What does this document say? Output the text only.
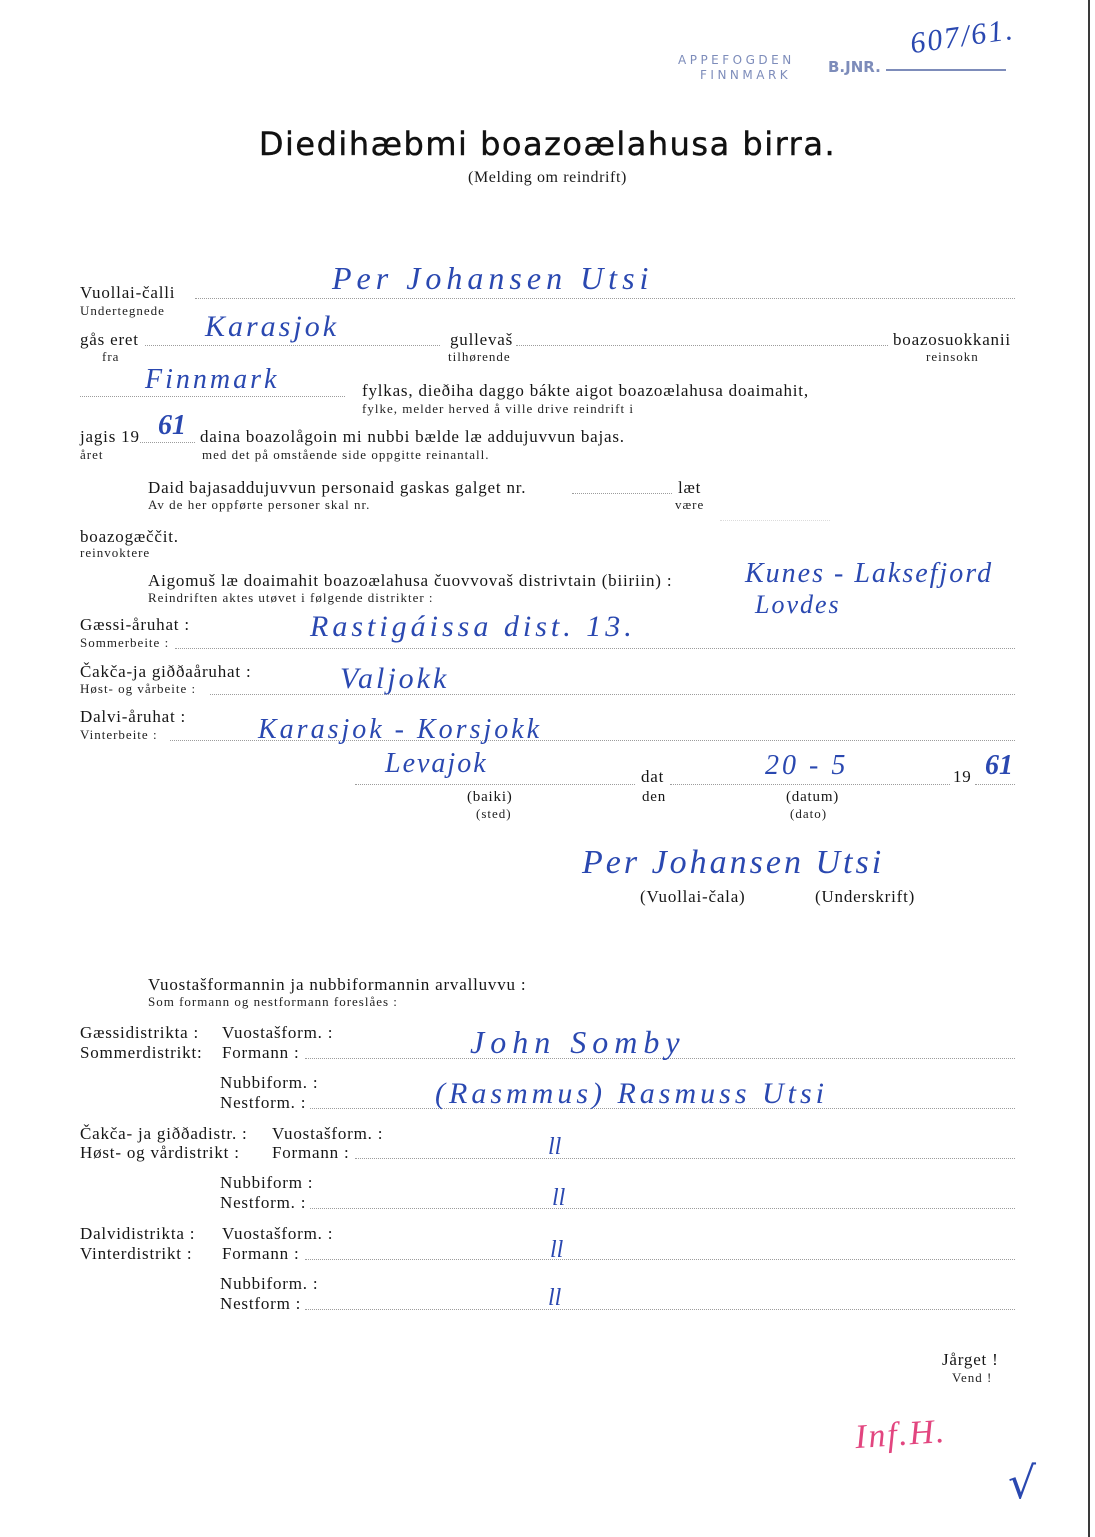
APPEFOGDEN
FINNMARK B.JNR.
607/61.
Diedihæbmi boazoælahusa birra.
(Melding om reindrift)
Vuollai-čalli
Undertegnede
Per Johansen Utsi
gås eret
fra
Karasjok	gullevaš
tilhørende
boazosuokkanii
reinsokn
Finnmark	fylkas, dieðiha daggo bákte aigot boazoælahusa doaimahit,
fylke, melder herved å ville drive reindrift i
jagis 19 61 daina boazolågoin mi nubbi bælde læ addujuvvun bajas.
året	med det på omstående side oppgitte reinantall.
Daid bajasaddujuvvun personaid gaskas galget nr.	læt
Av de her oppførte personer skal nr.	være
boazogæččit.
reinvoktere
Aigomuš læ doaimahit boazoælahusa čuovvovaš distrivtain (biiriin) :
Reindriften aktes utøvet i følgende distrikter :
Kunes - Laksefjord
Lovdes
Gæssi-åruhat :
Sommerbeite :	Rastigáissa dist. 13.
Čakča-ja giððaåruhat :
Høst- og vårbeite :	Valjokk
Dalvi-åruhat :
Vinterbeite :	Karasjok - Korsjokk
Levajok	dat	20 - 5	19 61
(baiki)
(sted)
den	(datum)
(dato)
Per Johansen Utsi
(Vuollai-čala)	(Underskrift)
Vuostašformannin ja nubbiformannin arvalluvvu :
Som formann og nestformann foreslåes :
Gæssidistrikta : Vuostašform. :
Sommerdistrikt: Formann :	John Somby
Nubbiform. :
Nestform. :	(Rasmmus) Rasmuss Utsi
Čakča- ja giððadistr. : Vuostašform. :
Høst- og vårdistrikt : Formann :	ll
Nubbiform :
Nestform. :	ll
Dalvidistrikta : Vuostašform. :
Vinterdistrikt : Formann :	ll
Nubbiform. :
Nestform :	ll
Jårget !
Vend !
Inf.H.
√
